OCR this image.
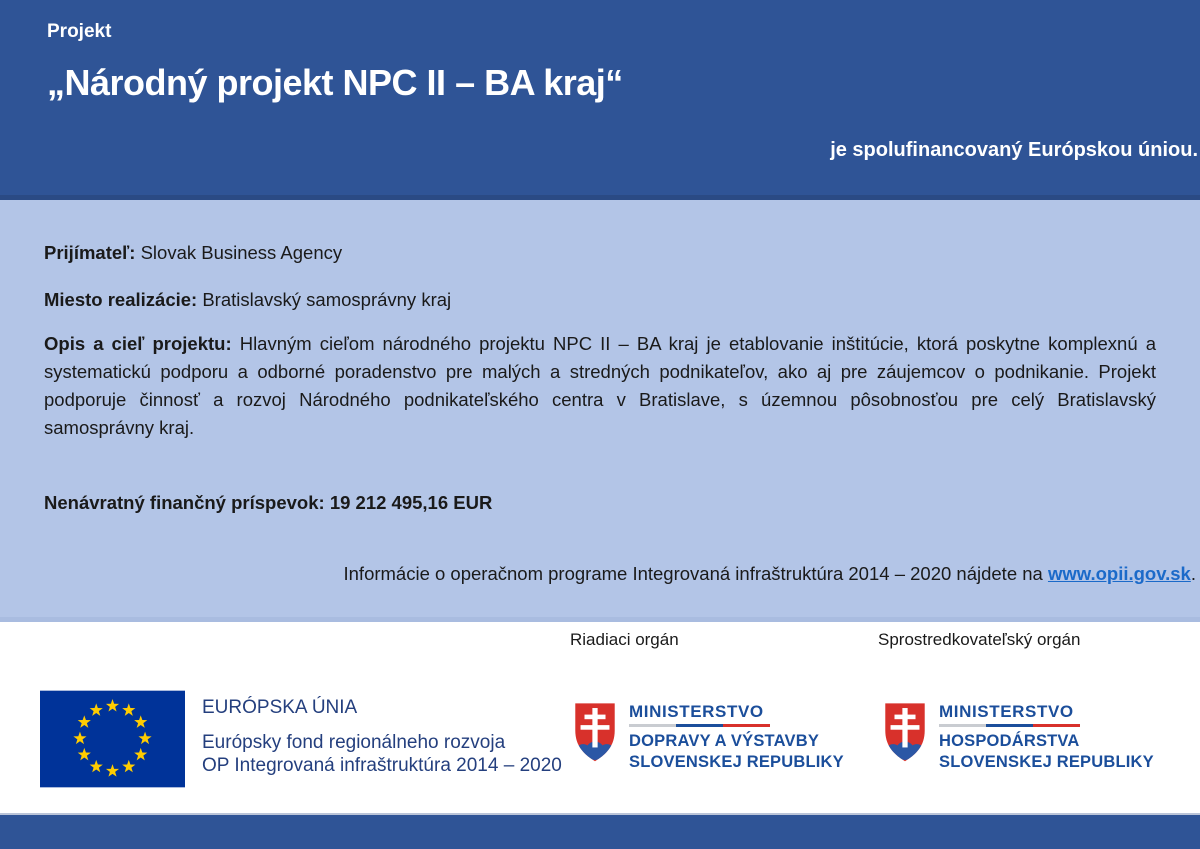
Projekt
„Národný projekt NPC II – BA kraj“
je spolufinancovaný Európskou úniou.

Prijímateľ: Slovak Business Agency

Miesto realizácie: Bratislavský samosprávny kraj

Opis a cieľ projektu: Hlavným cieľom národného projektu NPC II – BA kraj je etablovanie inštitúcie, ktorá poskytne komplexnú a systematickú podporu a odborné poradenstvo pre malých a stredných podnikateľov, ako aj pre záujemcov o podnikanie. Projekt podporuje činnosť a rozvoj Národného podnikateľského centra v Bratislave, s územnou pôsobnosťou pre celý Bratislavský samosprávny kraj.

Nenávratný finančný príspevok: 19 212 495,16 EUR

Informácie o operačnom programe Integrovaná infraštruktúra 2014 – 2020 nájdete na www.opii.gov.sk.

Riadiaci orgán	Sprostredkovateľský orgán
EURÓPSKA ÚNIA
Európsky fond regionálneho rozvoja
OP Integrovaná infraštruktúra 2014 – 2020
MINISTERSTVO
DOPRAVY A VÝSTAVBY
SLOVENSKEJ REPUBLIKY
MINISTERSTVO
HOSPODÁRSTVA
SLOVENSKEJ REPUBLIKY
